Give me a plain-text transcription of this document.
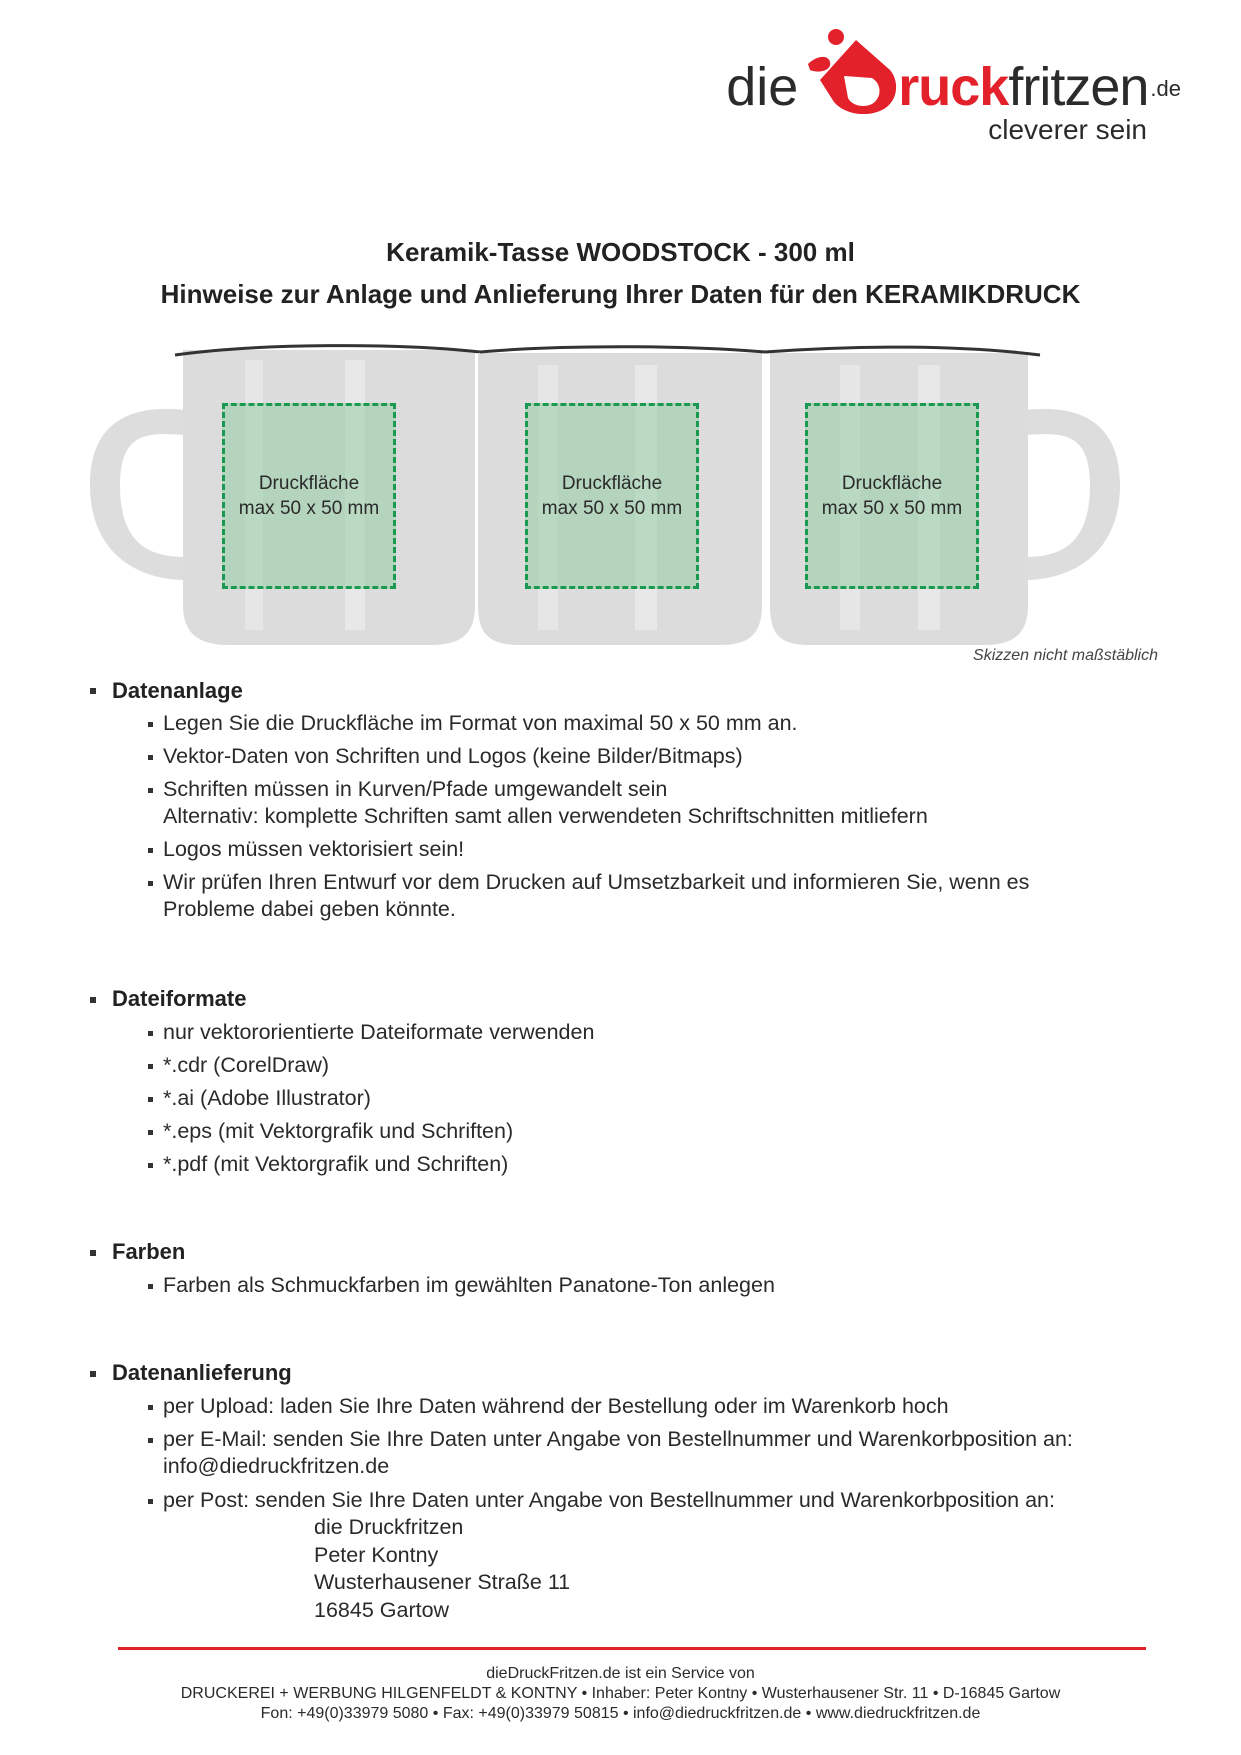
die ruck fritzen .de
cleverer sein
Keramik-Tasse WOODSTOCK - 300 ml
Hinweise zur Anlage und Anlieferung Ihrer Daten für den KERAMIKDRUCK
Druckfläche
max 50 x 50 mm
Druckfläche
max 50 x 50 mm
Druckfläche
max 50 x 50 mm
Skizzen nicht maßstäblich
Datenanlage
Legen Sie die Druckfläche im Format von maximal 50 x 50 mm an.
Vektor-Daten von Schriften und Logos (keine Bilder/Bitmaps)
Schriften müssen in Kurven/Pfade umgewandelt sein
Alternativ: komplette Schriften samt allen verwendeten Schriftschnitten mitliefern
Logos müssen vektorisiert sein!
Wir prüfen Ihren Entwurf vor dem Drucken auf Umsetzbarkeit und informieren Sie, wenn es
Probleme dabei geben könnte.
Dateiformate
nur vektororientierte Dateiformate verwenden
*.cdr (CorelDraw)
*.ai (Adobe Illustrator)
*.eps (mit Vektorgrafik und Schriften)
*.pdf (mit Vektorgrafik und Schriften)
Farben
Farben als Schmuckfarben im gewählten Panatone-Ton anlegen
Datenanlieferung
per Upload: laden Sie Ihre Daten während der Bestellung oder im Warenkorb hoch
per E-Mail: senden Sie Ihre Daten unter Angabe von Bestellnummer und Warenkorbposition an:
info@diedruckfritzen.de
per Post: senden Sie Ihre Daten unter Angabe von Bestellnummer und Warenkorbposition an:
die Druckfritzen
Peter Kontny
Wusterhausener Straße 11
16845 Gartow
dieDruckFritzen.de ist ein Service von
DRUCKEREI + WERBUNG HILGENFELDT & KONTNY • Inhaber: Peter Kontny • Wusterhausener Str. 11 • D-16845 Gartow
Fon: +49(0)33979 5080 • Fax: +49(0)33979 50815 • info@diedruckfritzen.de • www.diedruckfritzen.de
